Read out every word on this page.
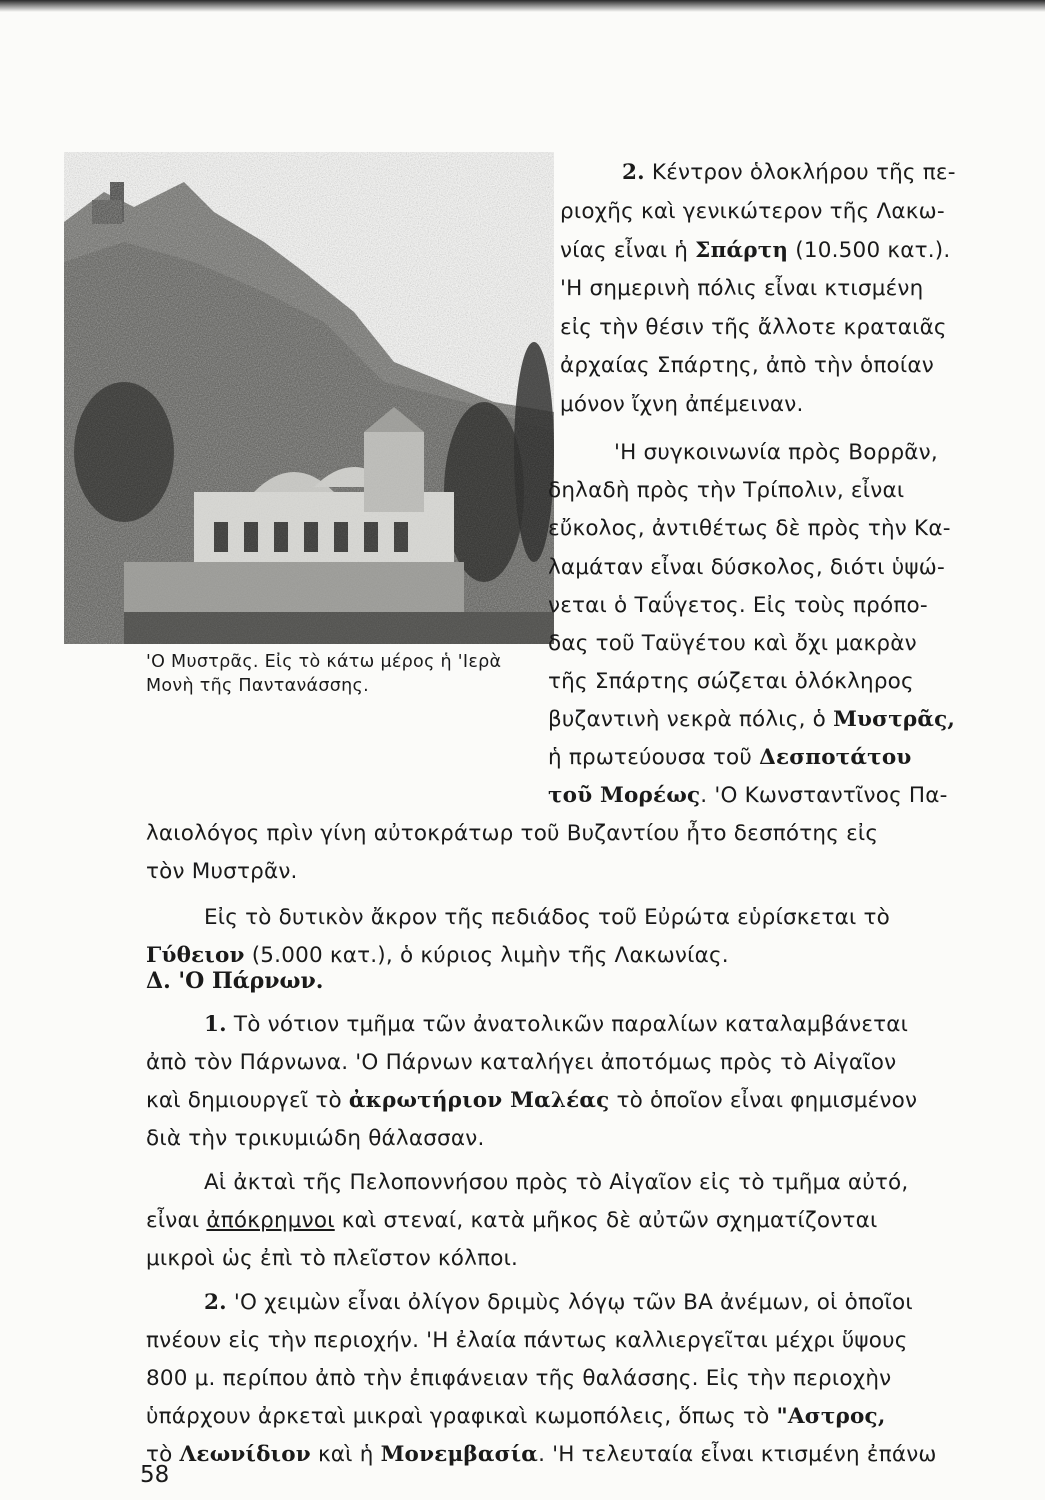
'Ο Μυστρᾶς. Εἰς τὸ κάτω μέρος ἡ 'Ιερὰ
Μονὴ τῆς Παντανάσσης.
2. Κέντρον ὁλοκλήρου τῆς πε-
ριοχῆς καὶ γενικώτερον τῆς Λακω-
νίας εἶναι ἡ Σπάρτη (10.500 κατ.).
'Η σημερινὴ πόλις εἶναι κτισμένη
εἰς τὴν θέσιν τῆς ἄλλοτε κραταιᾶς
ἀρχαίας Σπάρτης, ἀπὸ τὴν ὁποίαν
μόνον ἴχνη ἀπέμειναν.
'Η συγκοινωνία πρὸς Βορρᾶν,
δηλαδὴ πρὸς τὴν Τρίπολιν, εἶναι
εὔκολος, ἀντιθέτως δὲ πρὸς τὴν Κα-
λαμάταν εἶναι δύσκολος, διότι ὑψώ-
νεται ὁ Ταΰγετος. Εἰς τοὺς πρόπο-
δας τοῦ Ταϋγέτου καὶ ὄχι μακρὰν
τῆς Σπάρτης σώζεται ὁλόκληρος
βυζαντινὴ νεκρὰ πόλις, ὁ Μυστρᾶς,
ἡ πρωτεύουσα τοῦ Δεσποτάτου
τοῦ Μορέως. 'Ο Κωνσταντῖνος Πα-
λαιολόγος πρὶν γίνη αὐτοκράτωρ τοῦ Βυζαντίου ἦτο δεσπότης εἰς
τὸν Μυστρᾶν.
Εἰς τὸ δυτικὸν ἄκρον τῆς πεδιάδος τοῦ Εὐρώτα εὑρίσκεται τὸ
Γύθειον (5.000 κατ.), ὁ κύριος λιμὴν τῆς Λακωνίας.
Δ. 'Ο Πάρνων.
1. Τὸ νότιον τμῆμα τῶν ἀνατολικῶν παραλίων καταλαμβάνεται
ἀπὸ τὸν Πάρνωνα. 'Ο Πάρνων καταλήγει ἀποτόμως πρὸς τὸ Αἰγαῖον
καὶ δημιουργεῖ τὸ ἀκρωτήριον Μαλέας τὸ ὁποῖον εἶναι φημισμένον
διὰ τὴν τρικυμιώδη θάλασσαν.
Αἱ ἀκταὶ τῆς Πελοποννήσου πρὸς τὸ Αἰγαῖον εἰς τὸ τμῆμα αὐτό,
εἶναι ἀπόκρημνοι καὶ στεναί, κατὰ μῆκος δὲ αὐτῶν σχηματίζονται
μικροὶ ὡς ἐπὶ τὸ πλεῖστον κόλποι.
2. 'Ο χειμὼν εἶναι ὀλίγον δριμὺς λόγῳ τῶν ΒΑ ἀνέμων, οἱ ὁποῖοι
πνέουν εἰς τὴν περιοχήν. 'Η ἐλαία πάντως καλλιεργεῖται μέχρι ὕψους
800 μ. περίπου ἀπὸ τὴν ἐπιφάνειαν τῆς θαλάσσης. Εἰς τὴν περιοχὴν
ὑπάρχουν ἀρκεταὶ μικραὶ γραφικαὶ κωμοπόλεις, ὅπως τὸ "Αστρος,
τὸ Λεωνίδιον καὶ ἡ Μονεμβασία. 'Η τελευταία εἶναι κτισμένη ἐπάνω
58
